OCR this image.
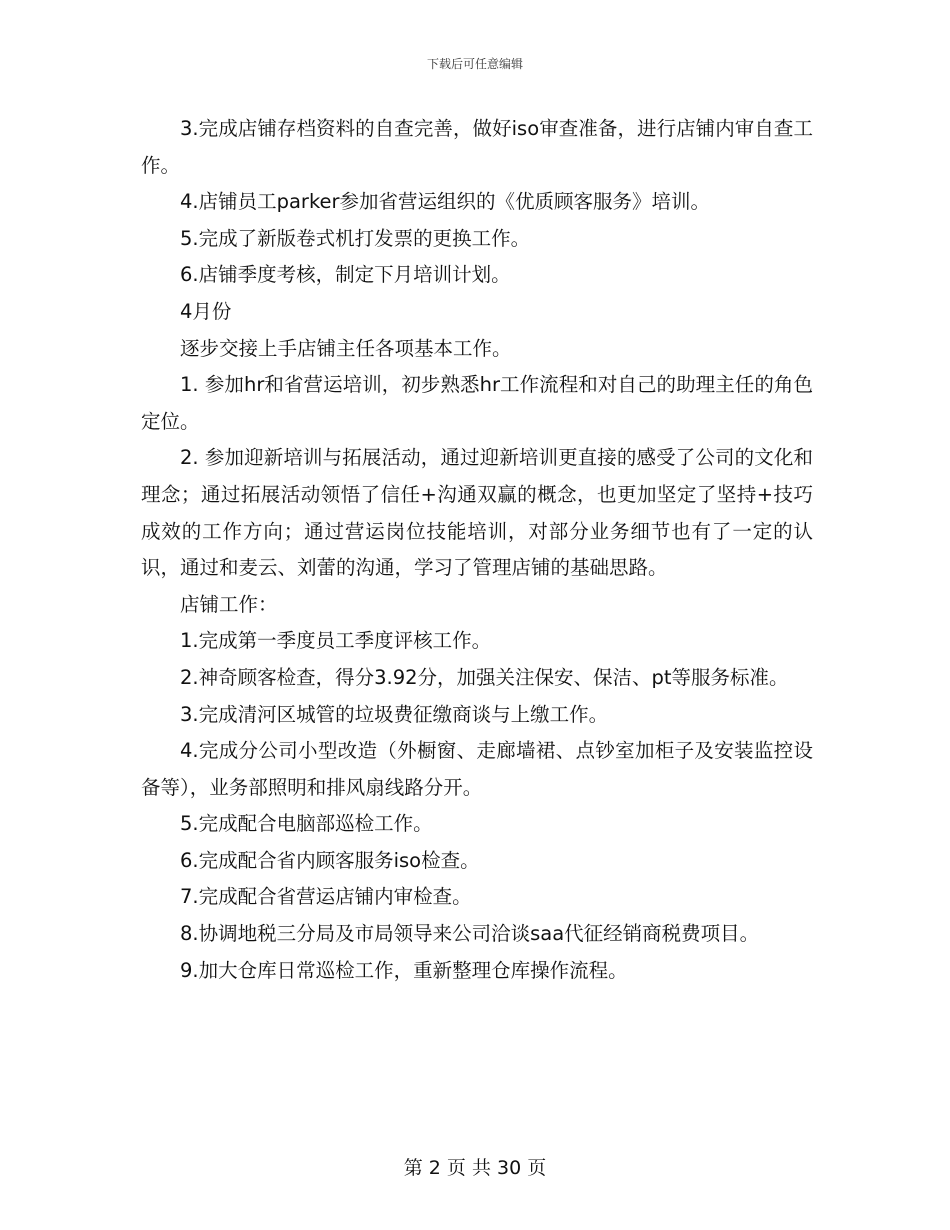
下载后可任意编辑

3.完成店铺存档资料的自查完善，做好iso审查准备，进行店铺内审自查工作。

4.店铺员工parker参加省营运组织的《优质顾客服务》培训。

5.完成了新版卷式机打发票的更换工作。

6.店铺季度考核，制定下月培训计划。

4月份

逐步交接上手店铺主任各项基本工作。

1. 参加hr和省营运培训，初步熟悉hr工作流程和对自己的助理主任的角色定位。

2. 参加迎新培训与拓展活动，通过迎新培训更直接的感受了公司的文化和理念；通过拓展活动领悟了信任+沟通双赢的概念，也更加坚定了坚持+技巧成效的工作方向；通过营运岗位技能培训，对部分业务细节也有了一定的认识，通过和麦云、刘蕾的沟通，学习了管理店铺的基础思路。

店铺工作：

1.完成第一季度员工季度评核工作。

2.神奇顾客检查，得分3.92分，加强关注保安、保洁、pt等服务标准。

3.完成清河区城管的垃圾费征缴商谈与上缴工作。

4.完成分公司小型改造（外橱窗、走廊墙裙、点钞室加柜子及安装监控设备等），业务部照明和排风扇线路分开。

5.完成配合电脑部巡检工作。

6.完成配合省内顾客服务iso检查。

7.完成配合省营运店铺内审检查。

8.协调地税三分局及市局领导来公司洽谈saa代征经销商税费项目。

9.加大仓库日常巡检工作，重新整理仓库操作流程。

第 2 页 共 30 页
